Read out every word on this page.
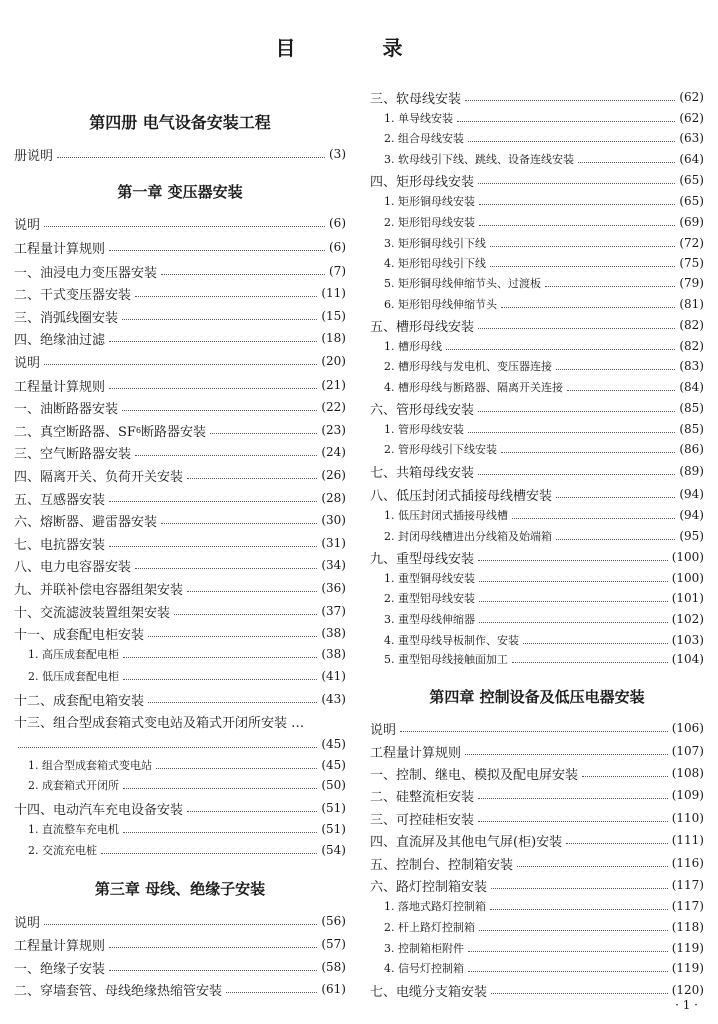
目 录
第四册 电气设备安装工程
第一章 变压器安装
第三章 母线、绝缘子安装
册说明	(3)
说明	(6)
工程量计算规则	(6)
一、油浸电力变压器安装	(7)
二、干式变压器安装	(11)
三、消弧线圈安装	(15)
四、绝缘油过滤	(18)
说明	(20)
工程量计算规则	(21)
一、油断路器安装	(22)
二、真空断路器、SF 6 断路器安装	(23)
三、空气断路器安装	(24)
四、隔离开关、负荷开关安装	(26)
五、互感器安装	(28)
六、熔断器、避雷器安装	(30)
七、电抗器安装	(31)
八、电力电容器安装	(34)
九、并联补偿电容器组架安装	(36)
十、交流滤波装置组架安装	(37)
十一、成套配电柜安装	(38)
1. 高压成套配电柜	(38)
2. 低压成套配电柜	(41)
十二、成套配电箱安装	(43)
十三、组合型成套箱式变电站及箱式开闭所安装 …
(45)
1. 组合型成套箱式变电站	(45)
2. 成套箱式开闭所	(50)
十四、电动汽车充电设备安装	(51)
1. 直流整车充电机	(51)
2. 交流充电桩	(54)
说明	(56)
工程量计算规则	(57)
一、绝缘子安装	(58)
二、穿墙套管、母线绝缘热缩管安装	(61)
第四章 控制设备及低压电器安装
三、软母线安装	(62)
1. 单导线安装	(62)
2. 组合母线安装	(63)
3. 软母线引下线、跳线、设备连线安装	(64)
四、矩形母线安装	(65)
1. 矩形铜母线安装	(65)
2. 矩形铝母线安装	(69)
3. 矩形铜母线引下线	(72)
4. 矩形铝母线引下线	(75)
5. 矩形铜母线伸缩节头、过渡板	(79)
6. 矩形铝母线伸缩节头	(81)
五、槽形母线安装	(82)
1. 槽形母线	(82)
2. 槽形母线与发电机、变压器连接	(83)
4. 槽形母线与断路器、隔离开关连接	(84)
六、管形母线安装	(85)
1. 管形母线安装	(85)
2. 管形母线引下线安装	(86)
七、共箱母线安装	(89)
八、低压封闭式插接母线槽安装	(94)
1. 低压封闭式插接母线槽	(94)
2. 封闭母线槽进出分线箱及始端箱	(95)
九、重型母线安装	(100)
1. 重型铜母线安装	(100)
2. 重型铝母线安装	(101)
3. 重型母线伸缩器	(102)
4. 重型母线导板制作、安装	(103)
5. 重型铝母线接触面加工	(104)
说明	(106)
工程量计算规则	(107)
一、控制、继电、模拟及配电屏安装	(108)
二、硅整流柜安装	(109)
三、可控硅柜安装	(110)
四、直流屏及其他电气屏(柜)安装	(111)
五、控制台、控制箱安装	(116)
六、路灯控制箱安装	(117)
1. 落地式路灯控制箱	(117)
2. 杆上路灯控制箱	(118)
3. 控制箱柜附件	(119)
4. 信号灯控制箱	(119)
七、电缆分支箱安装	(120)
· 1 ·
